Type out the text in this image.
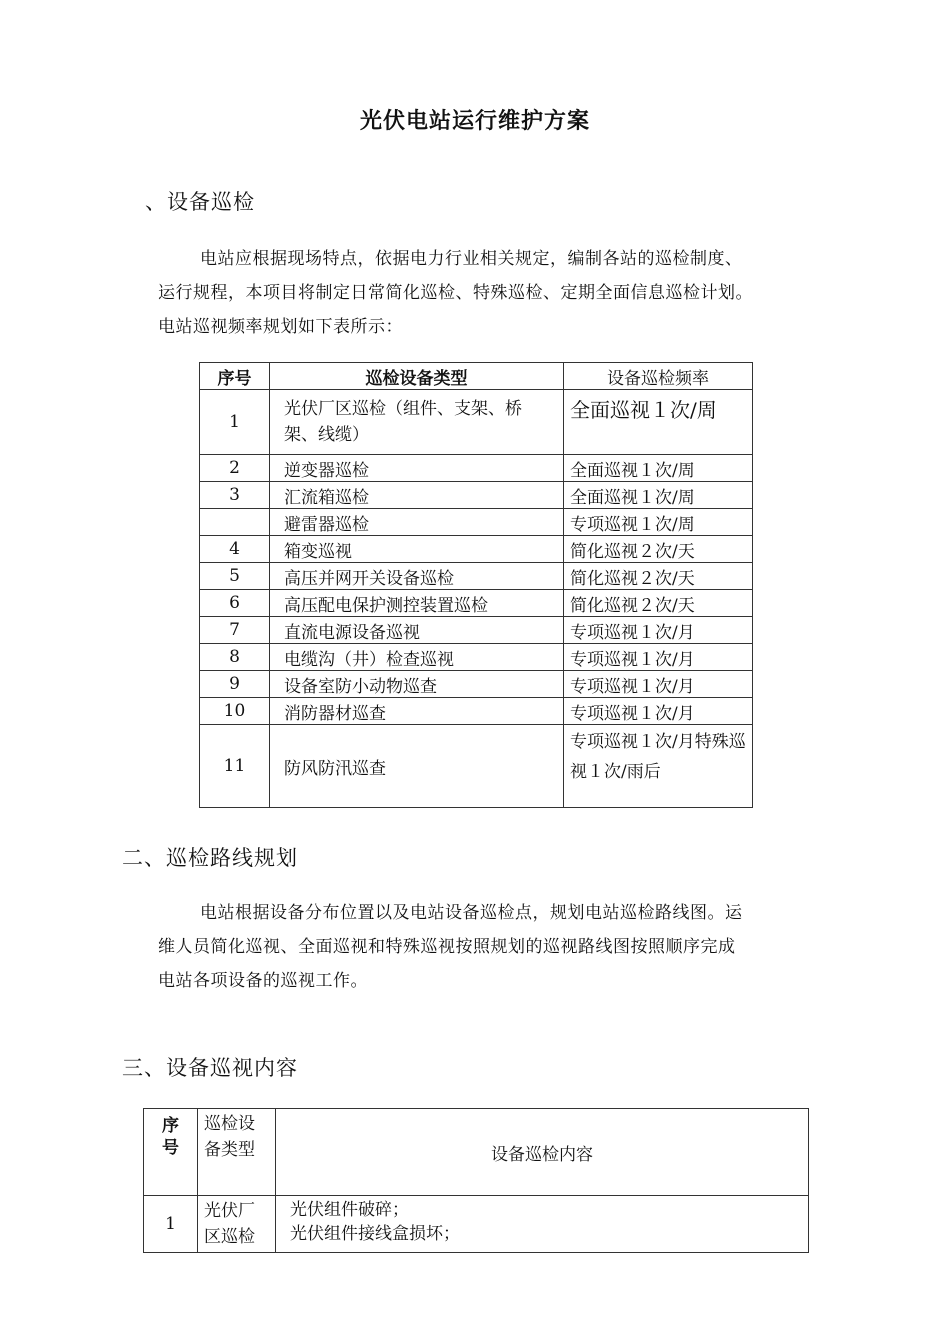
光伏电站运行维护方案
、设备巡检
电站应根据现场特点，依据电力行业相关规定，编制各站的巡检制度、
运行规程，本项目将制定日常简化巡检、特殊巡检、定期全面信息巡检计划。
电站巡视频率规划如下表所示：
序号	巡检设备类型	设备巡检频率
1	光伏厂区巡检（组件、支架、桥架、线缆）	全面巡视１次/周
2	逆变器巡检	全面巡视１次/周
3	汇流箱巡检	全面巡视１次/周
	避雷器巡检	专项巡视１次/周
4	箱变巡视	简化巡视２次/天
5	高压并网开关设备巡检	简化巡视２次/天
6	高压配电保护测控装置巡检	简化巡视２次/天
7	直流电源设备巡视	专项巡视１次/月
8	电缆沟（井）检查巡视	专项巡视１次/月
9	设备室防小动物巡查	专项巡视１次/月
10	消防器材巡查	专项巡视１次/月
11	防风防汛巡查	专项巡视１次/月特殊巡视１次/雨后
二、巡检路线规划
电站根据设备分布位置以及电站设备巡检点，规划电站巡检路线图。运
维人员简化巡视、全面巡视和特殊巡视按照规划的巡视路线图按照顺序完成
电站各项设备的巡视工作。
三、设备巡视内容
序号	巡检设备类型	设备巡检内容
1	光伏厂区巡检	光伏组件破碎；
光伏组件接线盒损坏；
